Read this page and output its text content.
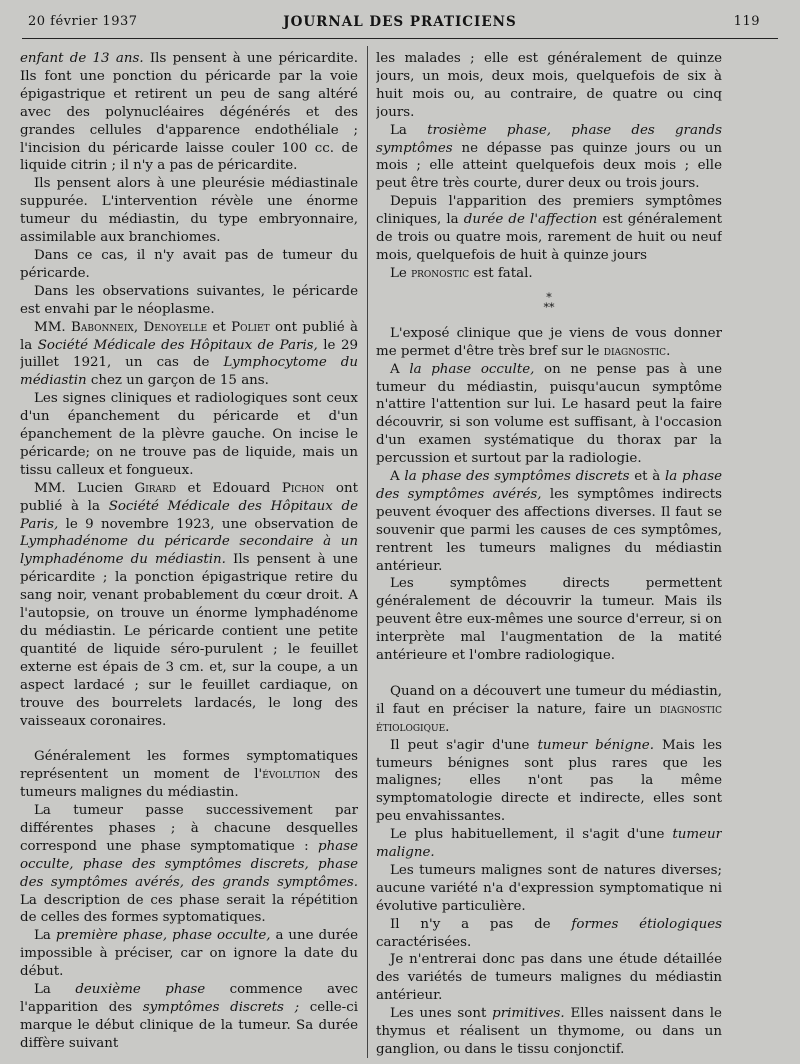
20 février 1937	JOURNAL DES PRATICIENS	119

enfant de 13 ans. Ils pensent à une péricardite. Ils font une ponction du péricarde par la voie épigastrique et retirent un peu de sang altéré avec des polynucléaires dégénérés et des grandes cellules d'apparence endothéliale ; l'incision du péricarde laisse couler 100 cc. de liquide citrin ; il n'y a pas de péricardite.

Ils pensent alors à une pleurésie médiastinale suppurée. L'intervention révèle une énorme tumeur du médiastin, du type embryonnaire, assimilable aux branchiomes.

Dans ce cas, il n'y avait pas de tumeur du péricarde.

Dans les observations suivantes, le péricarde est envahi par le néoplasme.

MM. Babonneix, Denoyelle et Poliet ont publié à la Société Médicale des Hôpitaux de Paris, le 29 juillet 1921, un cas de Lymphocytome du médiastin chez un garçon de 15 ans.

Les signes cliniques et radiologiques sont ceux d'un épanchement du péricarde et d'un épanchement de la plèvre gauche. On incise le péricarde; on ne trouve pas de liquide, mais un tissu calleux et fongueux.

MM. Lucien Girard et Edouard Pichon ont publié à la Société Médicale des Hôpitaux de Paris, le 9 novembre 1923, une observation de Lymphadénome du péricarde secondaire à un lymphadénome du médiastin. Ils pensent à une péricardite ; la ponction épigastrique retire du sang noir, venant probablement du cœur droit. A l'autopsie, on trouve un énorme lymphadénome du médiastin. Le péricarde contient une petite quantité de liquide séro-purulent ; le feuillet externe est épais de 3 cm. et, sur la coupe, a un aspect lardacé ; sur le feuillet cardiaque, on trouve des bourrelets lardacés, le long des vaisseaux coronaires.

Généralement les formes symptomatiques représentent un moment de l'évolution des tumeurs malignes du médiastin.

La tumeur passe successivement par différentes phases ; à chacune desquelles correspond une phase symptomatique : phase occulte, phase des symptômes discrets, phase des symptômes avérés, des grands symptômes. La description de ces phase serait la répétition de celles des formes syptomatiques.

La première phase, phase occulte, a une durée impossible à préciser, car on ignore la date du début.

La deuxième phase commence avec l'apparition des symptômes discrets ; celle-ci marque le début clinique de la tumeur. Sa durée diffère suivant

les malades ; elle est généralement de quinze jours, un mois, deux mois, quelquefois de six à huit mois ou, au contraire, de quatre ou cinq jours.

La trosième phase, phase des grands symptômes ne dépasse pas quinze jours ou un mois ; elle atteint quelquefois deux mois ; elle peut être très courte, durer deux ou trois jours.

Depuis l'apparition des premiers symptômes cliniques, la durée de l'affection est généralement de trois ou quatre mois, rarement de huit ou neuf mois, quelquefois de huit à quinze jours

Le pronostic est fatal.

*
**

L'exposé clinique que je viens de vous donner me permet d'être très bref sur le diagnostic.

A la phase occulte, on ne pense pas à une tumeur du médiastin, puisqu'aucun symptôme n'attire l'attention sur lui. Le hasard peut la faire découvrir, si son volume est suffisant, à l'occasion d'un examen systématique du thorax par la percussion et surtout par la radiologie.

A la phase des symptômes discrets et à la phase des symptômes avérés, les symptômes indirects peuvent évoquer des affections diverses. Il faut se souvenir que parmi les causes de ces symptômes, rentrent les tumeurs malignes du médiastin antérieur.

Les symptômes directs permettent généralement de découvrir la tumeur. Mais ils peuvent être eux-mêmes une source d'erreur, si on interprète mal l'augmentation de la matité antérieure et l'ombre radiologique.

Quand on a découvert une tumeur du médiastin, il faut en préciser la nature, faire un diagnostic étiologique.

Il peut s'agir d'une tumeur bénigne. Mais les tumeurs bénignes sont plus rares que les malignes; elles n'ont pas la même symptomatologie directe et indirecte, elles sont peu envahissantes.

Le plus habituellement, il s'agit d'une tumeur maligne.

Les tumeurs malignes sont de natures diverses; aucune variété n'a d'expression symptomatique ni évolutive particulière.

Il n'y a pas de formes étiologiques caractérisées.

Je n'entrerai donc pas dans une étude détaillée des variétés de tumeurs malignes du médiastin antérieur.

Les unes sont primitives. Elles naissent dans le thymus et réalisent un thymome, ou dans un ganglion, ou dans le tissu conjonctif.
